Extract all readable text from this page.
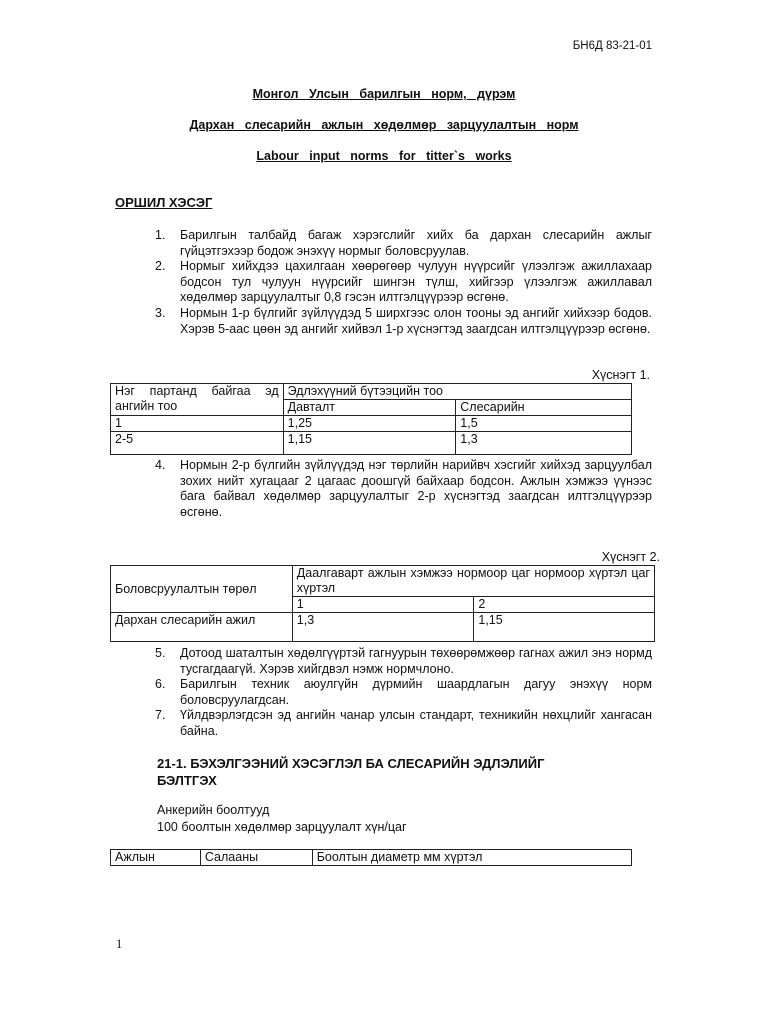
БН6Д 83-21-01
Монгол Улсын барилгын норм, дүрэм
Дархан слесарийн ажлын хөдөлмөр зарцуулалтын норм
Labour input norms for titter`s works
ОРШИЛ ХЭСЭГ
1.	Барилгын талбайд багаж хэрэгслийг хийх ба дархан слесарийн ажлыг гүйцэтгэхээр бодож энэхүү нормыг боловсруулав.
2.	Нормыг хийхдээ цахилгаан хөөрөгөөр чулуун нүүрсийг үлээлгэж ажиллахаар бодсон тул чулуун нүүрсийг шингэн түлш, хийгээр үлээлгэж ажиллавал хөдөлмөр зарцуулалтыг 0,8 гэсэн илтгэлцүүрээр өсгөнө.
3.	Нормын 1-р бүлгийг зүйлүүдэд 5 ширхгээс олон тооны эд ангийг хийхээр бодов. Хэрэв 5-аас цөөн эд ангийг хийвэл 1-р хүснэгтэд заагдсан илтгэлцүүрээр өсгөнө.
Хүснэгт 1.
Нэг партанд байгаа эд ангийн тоо	Эдлэхүүний бүтээцийн тоо	
	Давталт	Слесарийн
1	1,25	1,5
2-5	1,15	1,3
4.	Нормын 2-р бүлгийн зүйлүүдэд нэг төрлийн нарийвч хэсгийг хийхэд зарцуулбал зохих нийт хугацааг 2 цагаас доошгүй байхаар бодсон. Ажлын хэмжээ үүнээс бага байвал хөдөлмөр зарцуулалтыг 2-р хүснэгтэд заагдсан илтгэлцүүрээр өсгөнө.
Хүснэгт 2.
Боловсруулалтын төрөл	Даалгаварт ажлын хэмжээ нормоор цаг нормоор хүртэл цаг хүртэл	
	1	2
Дархан слесарийн ажил	1,3	1,15
5.	Дотоод шаталтын хөдөлгүүртэй гагнуурын төхөөрөмжөөр гагнах ажил энэ нормд тусгагдаагүй. Хэрэв хийгдвэл нэмж нормчлоно.
6.	Барилгын техник аюулгүйн дүрмийн шаардлагын дагуу энэхүү норм боловсруулагдсан.
7.	Үйлдвэрлэгдсэн эд ангийн чанар улсын стандарт, техникийн нөхцлийг хангасан байна.
21-1. БЭХЭЛГЭЭНИЙ ХЭСЭГЛЭЛ БА СЛЕСАРИЙН ЭДЛЭЛИЙГ БЭЛТГЭХ
Анкерийн боолтууд
100 боолтын хөдөлмөр зарцуулалт хүн/цаг
Ажлын	Салааны	Боолтын диаметр мм хүртэл
1
